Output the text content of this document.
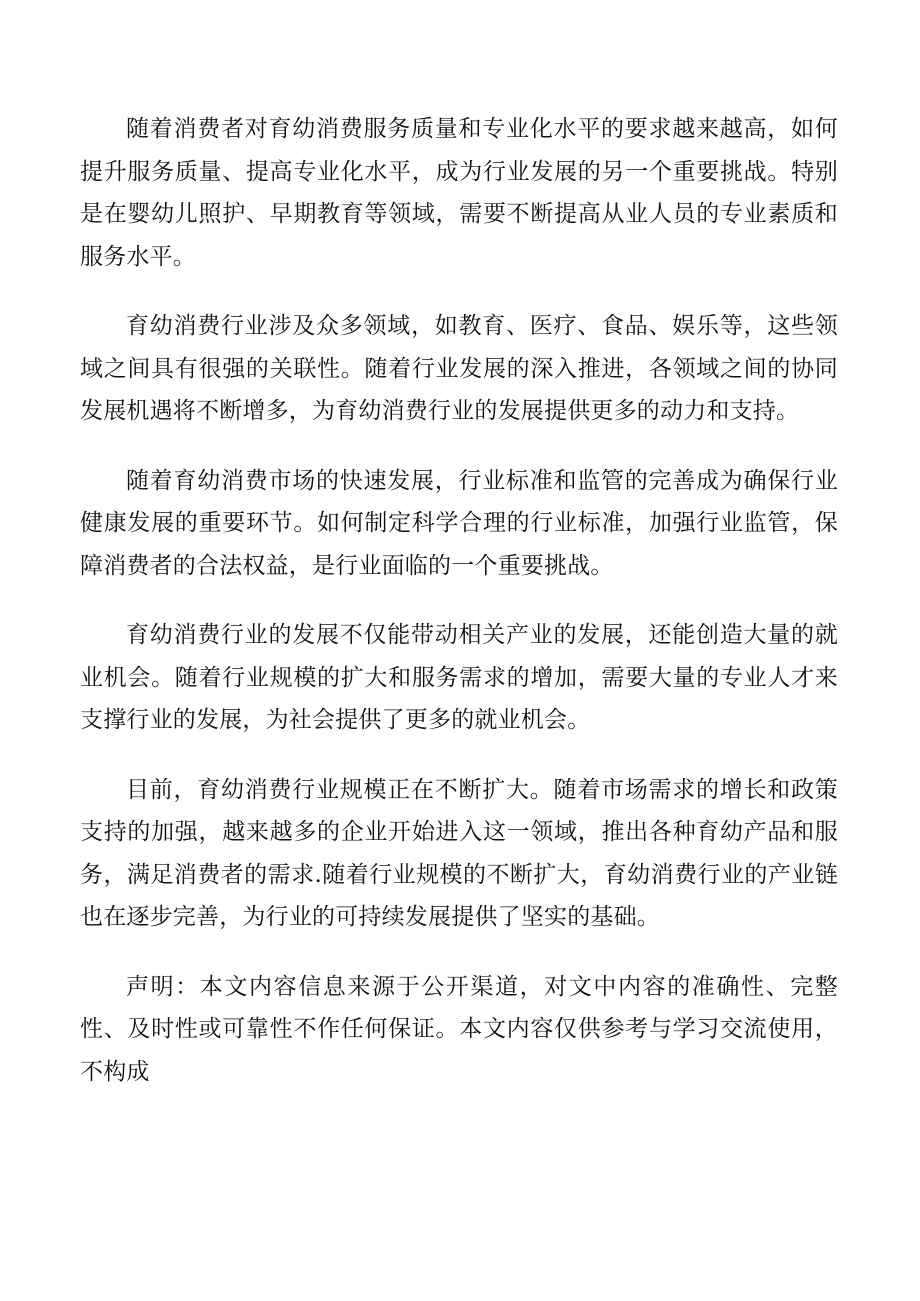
随着消费者对育幼消费服务质量和专业化水平的要求越来越高，如何提升服务质量、提高专业化水平，成为行业发展的另一个重要挑战。特别是在婴幼儿照护、早期教育等领域，需要不断提高从业人员的专业素质和服务水平。

育幼消费行业涉及众多领域，如教育、医疗、食品、娱乐等，这些领域之间具有很强的关联性。随着行业发展的深入推进，各领域之间的协同发展机遇将不断增多，为育幼消费行业的发展提供更多的动力和支持。

随着育幼消费市场的快速发展，行业标准和监管的完善成为确保行业健康发展的重要环节。如何制定科学合理的行业标准，加强行业监管，保障消费者的合法权益，是行业面临的一个重要挑战。

育幼消费行业的发展不仅能带动相关产业的发展，还能创造大量的就业机会。随着行业规模的扩大和服务需求的增加，需要大量的专业人才来支撑行业的发展，为社会提供了更多的就业机会。

目前，育幼消费行业规模正在不断扩大。随着市场需求的增长和政策支持的加强，越来越多的企业开始进入这一领域，推出各种育幼产品和服务，满足消费者的需求.随着行业规模的不断扩大，育幼消费行业的产业链也在逐步完善，为行业的可持续发展提供了坚实的基础。

声明：本文内容信息来源于公开渠道，对文中内容的准确性、完整性、及时性或可靠性不作任何保证。本文内容仅供参考与学习交流使用，不构成
